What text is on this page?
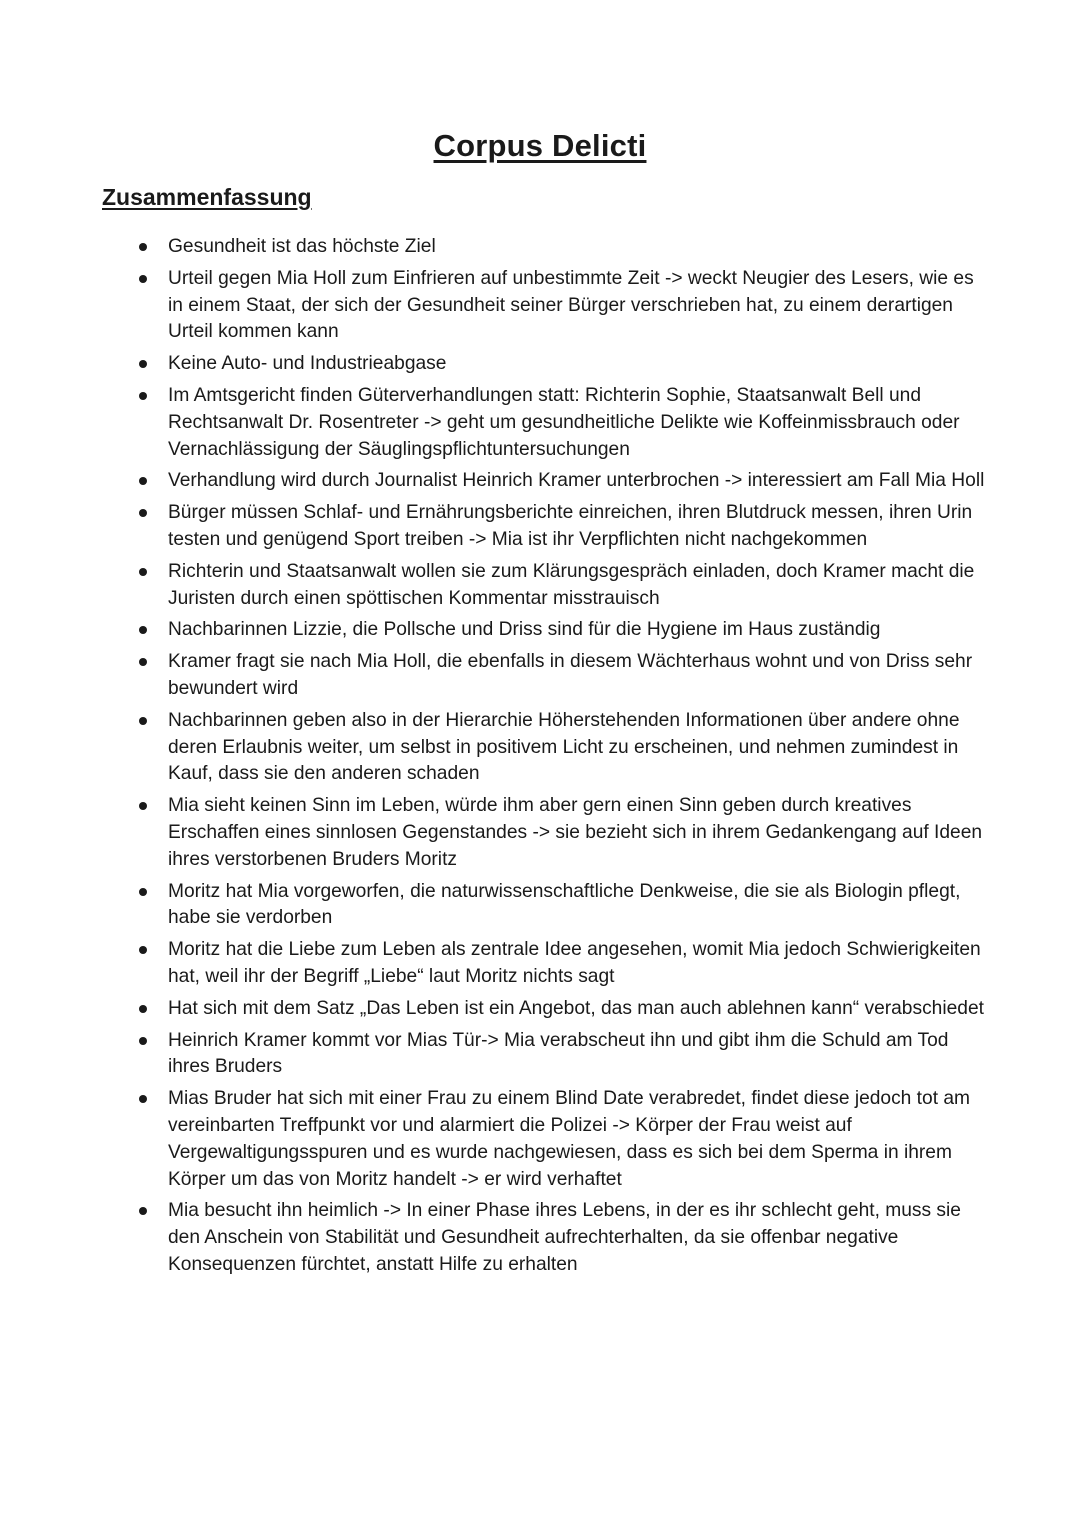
Corpus Delicti
Zusammenfassung
Gesundheit ist das höchste Ziel
Urteil gegen Mia Holl zum Einfrieren auf unbestimmte Zeit -> weckt Neugier des Lesers, wie es in einem Staat, der sich der Gesundheit seiner Bürger verschrieben hat, zu einem derartigen Urteil kommen kann
Keine Auto- und Industrieabgase
Im Amtsgericht finden Güterverhandlungen statt: Richterin Sophie, Staatsanwalt Bell und Rechtsanwalt Dr. Rosentreter -> geht um gesundheitliche Delikte wie Koffeinmissbrauch oder Vernachlässigung der Säuglingspflichtuntersuchungen
Verhandlung wird durch Journalist Heinrich Kramer unterbrochen -> interessiert am Fall Mia Holl
Bürger müssen Schlaf- und Ernährungsberichte einreichen, ihren Blutdruck messen, ihren Urin testen und genügend Sport treiben -> Mia ist ihr Verpflichten nicht nachgekommen
Richterin und Staatsanwalt wollen sie zum Klärungsgespräch einladen, doch Kramer macht die Juristen durch einen spöttischen Kommentar misstrauisch
Nachbarinnen Lizzie, die Pollsche und Driss sind für die Hygiene im Haus zuständig
Kramer fragt sie nach Mia Holl, die ebenfalls in diesem Wächterhaus wohnt und von Driss sehr bewundert wird
Nachbarinnen geben also in der Hierarchie Höherstehenden Informationen über andere ohne deren Erlaubnis weiter, um selbst in positivem Licht zu erscheinen, und nehmen zumindest in Kauf, dass sie den anderen schaden
Mia sieht keinen Sinn im Leben, würde ihm aber gern einen Sinn geben durch kreatives Erschaffen eines sinnlosen Gegenstandes -> sie bezieht sich in ihrem Gedankengang auf Ideen ihres verstorbenen Bruders Moritz
Moritz hat Mia vorgeworfen, die naturwissenschaftliche Denkweise, die sie als Biologin pflegt, habe sie verdorben
Moritz hat die Liebe zum Leben als zentrale Idee angesehen, womit Mia jedoch Schwierigkeiten hat, weil ihr der Begriff „Liebe“ laut Moritz nichts sagt
Hat sich mit dem Satz „Das Leben ist ein Angebot, das man auch ablehnen kann“ verabschiedet
Heinrich Kramer kommt vor Mias Tür-> Mia verabscheut ihn und gibt ihm die Schuld am Tod ihres Bruders
Mias Bruder hat sich mit einer Frau zu einem Blind Date verabredet, findet diese jedoch tot am vereinbarten Treffpunkt vor und alarmiert die Polizei -> Körper der Frau weist auf Vergewaltigungsspuren und es wurde nachgewiesen, dass es sich bei dem Sperma in ihrem Körper um das von Moritz handelt -> er wird verhaftet
Mia besucht ihn heimlich -> In einer Phase ihres Lebens, in der es ihr schlecht geht, muss sie den Anschein von Stabilität und Gesundheit aufrechterhalten, da sie offenbar negative Konsequenzen fürchtet, anstatt Hilfe zu erhalten
